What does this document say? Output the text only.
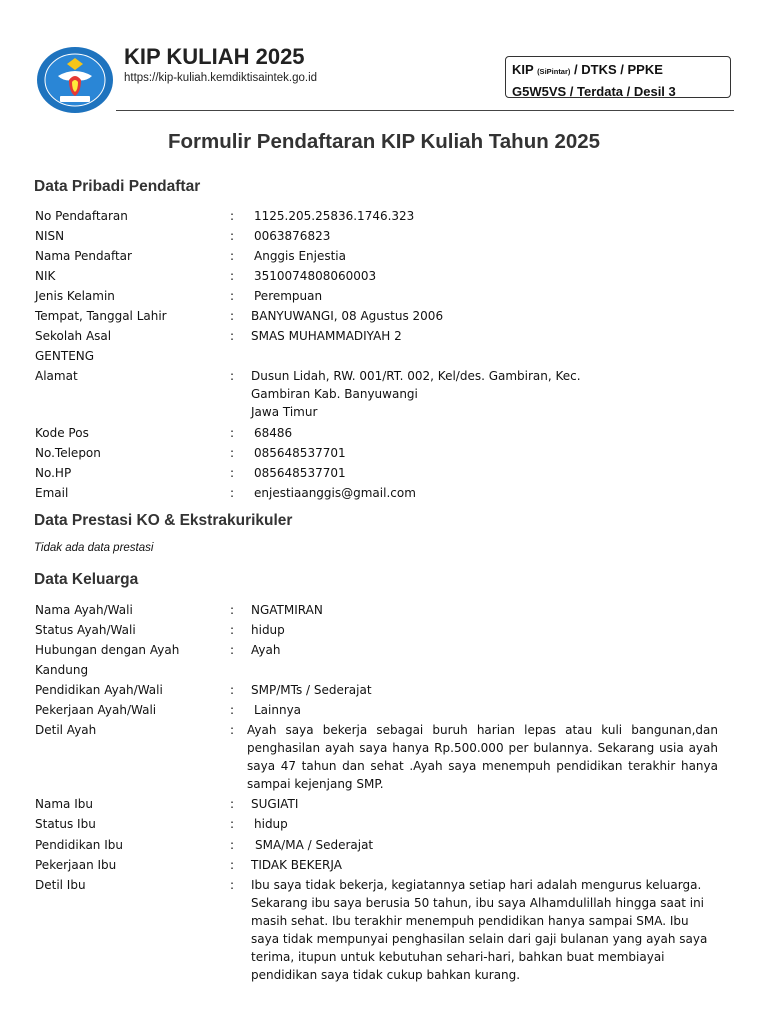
KIP KULIAH 2025
https://kip-kuliah.kemdiktisaintek.go.id
KIP (SiPintar) / DTKS / PPKE
G5W5VS / Terdata / Desil 3
Formulir Pendaftaran KIP Kuliah Tahun 2025
Data Pribadi Pendaftar
No Pendaftaran	: 1125.205.25836.1746.323
NISN	: 0063876823
Nama Pendaftar	: Anggis Enjestia
NIK	: 3510074808060003
Jenis Kelamin	: Perempuan
Tempat, Tanggal Lahir	: BANYUWANGI, 08 Agustus 2006
Sekolah Asal	: SMAS MUHAMMADIYAH 2
GENTENG
Alamat	: Dusun Lidah, RW. 001/RT. 002, Kel/des. Gambiran, Kec.
Gambiran Kab. Banyuwangi
Jawa Timur
Kode Pos	: 68486
No.Telepon	: 085648537701
No.HP	: 085648537701
Email	: enjestiaanggis@gmail.com
Data Prestasi KO & Ekstrakurikuler
Tidak ada data prestasi
Data Keluarga
Nama Ayah/Wali	: NGATMIRAN
Status Ayah/Wali	: hidup
Hubungan dengan Ayah	: Ayah
Kandung
Pendidikan Ayah/Wali	: SMP/MTs / Sederajat
Pekerjaan Ayah/Wali	: Lainnya
Detil Ayah	: Ayah saya bekerja sebagai buruh harian lepas atau kuli bangunan,dan penghasilan ayah saya hanya Rp.500.000 per bulannya. Sekarang usia ayah saya 47 tahun dan sehat .Ayah saya menempuh pendidikan terakhir hanya sampai kejenjang SMP.
Nama Ibu	: SUGIATI
Status Ibu	: hidup
Pendidikan Ibu	: SMA/MA / Sederajat
Pekerjaan Ibu	: TIDAK BEKERJA
Detil Ibu	: Ibu saya tidak bekerja, kegiatannya setiap hari adalah mengurus keluarga. Sekarang ibu saya berusia 50 tahun, ibu saya Alhamdulillah hingga saat ini masih sehat. Ibu terakhir menempuh pendidikan hanya sampai SMA. Ibu saya tidak mempunyai penghasilan selain dari gaji bulanan yang ayah saya terima, itupun untuk kebutuhan sehari-hari, bahkan buat membiayai pendidikan saya tidak cukup bahkan kurang.
